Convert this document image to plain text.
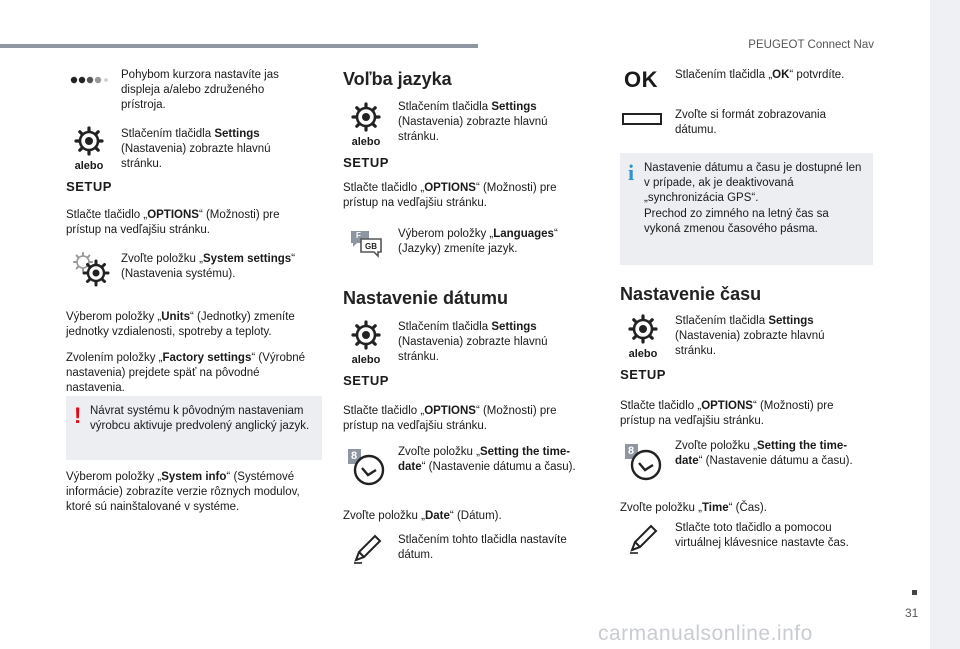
PEUGEOT Connect Nav
31
carmanualsonline.info

Pohybom kurzora nastavíte jas displeja a/alebo združeného prístroja.

alebo
SETUP

Stlačením tlačidla Settings (Nastavenia) zobrazte hlavnú stránku.

Stlačte tlačidlo „OPTIONS“ (Možnosti) pre prístup na vedľajšiu stránku.

Zvoľte položku „System settings“ (Nastavenia systému).

Výberom položky „Units“ (Jednotky) zmeníte jednotky vzdialenosti, spotreby a teploty.

Zvolením položky „Factory settings“ (Výrobné nastavenia) prejdete späť na pôvodné nastavenia.

! Návrat systému k pôvodným nastaveniam výrobcu aktivuje predvolený anglický jazyk.

Výberom položky „System info“ (Systémové informácie) zobrazíte verzie rôznych modulov, ktoré sú nainštalované v systéme.

Voľba jazyka
alebo
SETUP

Stlačením tlačidla Settings (Nastavenia) zobrazte hlavnú stránku.

Stlačte tlačidlo „OPTIONS“ (Možnosti) pre prístup na vedľajšiu stránku.

F
GB

Výberom položky „Languages“ (Jazyky) zmeníte jazyk.

Nastavenie dátumu
alebo
SETUP

Stlačením tlačidla Settings (Nastavenia) zobrazte hlavnú stránku.

Stlačte tlačidlo „OPTIONS“ (Možnosti) pre prístup na vedľajšiu stránku.

8	Zvoľte položku „Setting the time-date“ (Nastavenie dátumu a času).

Zvoľte položku „Date“ (Dátum).

Stlačením tohto tlačidla nastavíte dátum.

OK Stlačením tlačidla „OK“ potvrdíte.

Zvoľte si formát zobrazovania dátumu.

i Nastavenie dátumu a času je dostupné len v prípade, ak je deaktivovaná „synchronizácia GPS“.

Prechod zo zimného na letný čas sa vykoná zmenou časového pásma.

Nastavenie času
alebo
SETUP

Stlačením tlačidla Settings (Nastavenia) zobrazte hlavnú stránku.

Stlačte tlačidlo „OPTIONS“ (Možnosti) pre prístup na vedľajšiu stránku.

8	Zvoľte položku „Setting the time-date“ (Nastavenie dátumu a času).

Zvoľte položku „Time“ (Čas).

Stlačte toto tlačidlo a pomocou virtuálnej klávesnice nastavte čas.
